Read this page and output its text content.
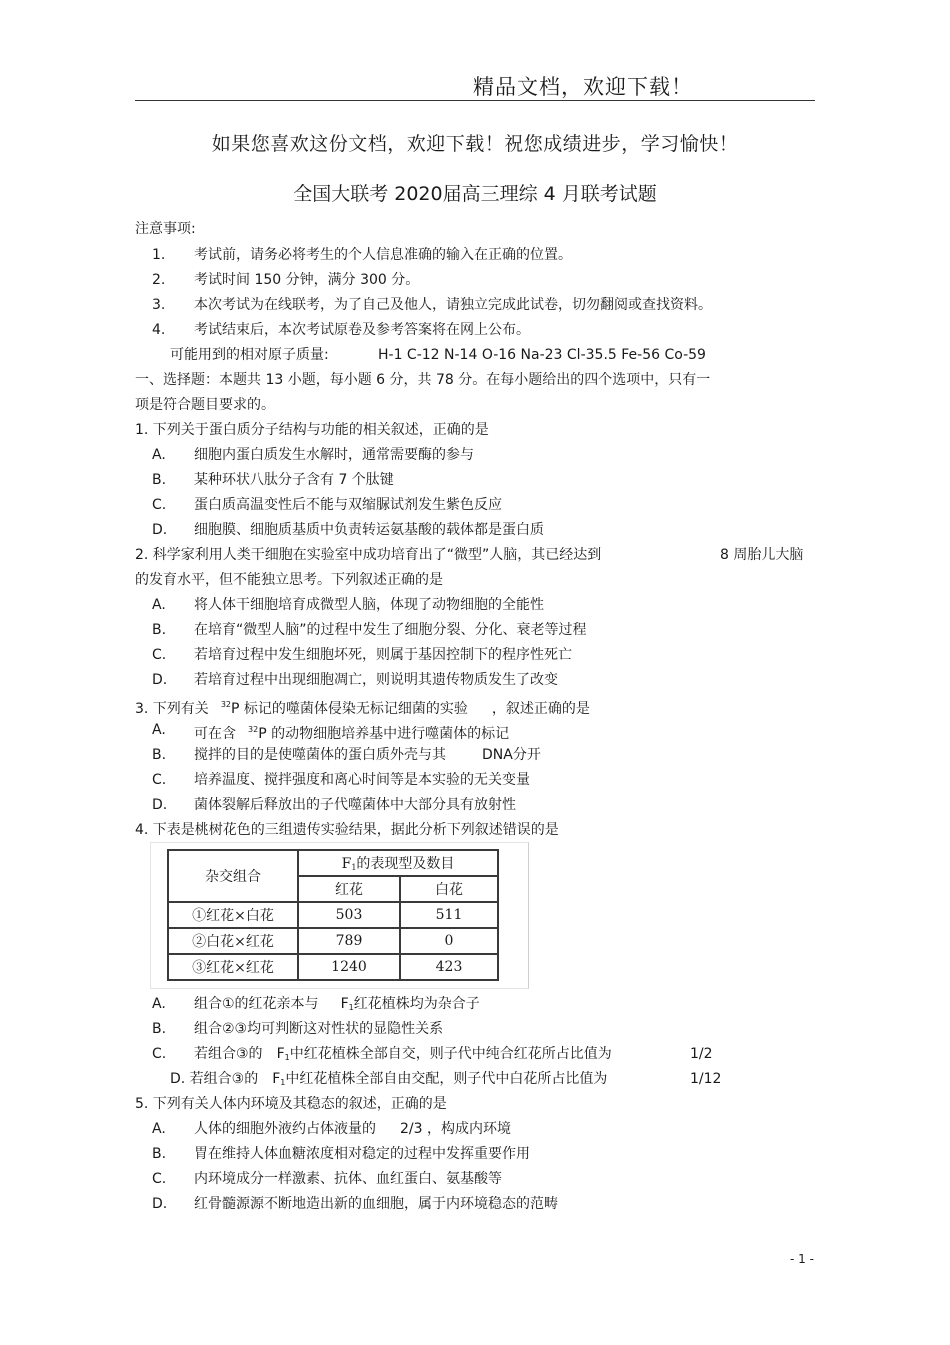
精品文档，欢迎下载！
如果您喜欢这份文档，欢迎下载！祝您成绩进步，学习愉快！
全国大联考 2020届高三理综 4 月联考试题
注意事项:
1. 考试前，请务必将考生的个人信息准确的输入在正确的位置。
2. 考试时间 150 分钟，满分 300 分。
3. 本次考试为在线联考，为了自己及他人，请独立完成此试卷，切勿翻阅或查找资料。
4. 考试结束后，本次考试原卷及参考答案将在网上公布。
可能用到的相对原子质量:	H-1 C-12 N-14 O-16 Na-23 Cl-35.5 Fe-56 Co-59
一、选择题：本题共 13 小题，每小题 6 分，共 78 分。在每小题给出的四个选项中，只有一
项是符合题目要求的。
1. 下列关于蛋白质分子结构与功能的相关叙述，正确的是
A. 细胞内蛋白质发生水解时，通常需要酶的参与
B. 某种环状八肽分子含有 7 个肽键
C. 蛋白质高温变性后不能与双缩脲试剂发生紫色反应
D. 细胞膜、细胞质基质中负责转运氨基酸的载体都是蛋白质
2. 科学家利用人类干细胞在实验室中成功培育出了“微型”人脑，其已经达到	8 周胎儿大脑
的发育水平，但不能独立思考。下列叙述正确的是
A. 将人体干细胞培育成微型人脑，体现了动物细胞的全能性
B. 在培育“微型人脑”的过程中发生了细胞分裂、分化、衰老等过程
C. 若培育过程中发生细胞坏死，则属于基因控制下的程序性死亡
D. 若培育过程中出现细胞凋亡，则说明其遗传物质发生了改变
3. 下列有关 $^{32}$P 标记的噬菌体侵染无标记细菌的实验 ，叙述正确的是
A. 可在含 $^{32}$P 的动物细胞培养基中进行噬菌体的标记
B. 搅拌的目的是使噬菌体的蛋白质外壳与其	DNA分开
C. 培养温度、搅拌强度和离心时间等是本实验的无关变量
D. 菌体裂解后释放出的子代噬菌体中大部分具有放射性
4. 下表是桃树花色的三组遗传实验结果，据此分析下列叙述错误的是
杂交组合	$F_1$的表现型及数目	
	红花	白花
①红花×白花	503	511
②白花×红花	789	0
③红花×红花	1240	423
A. 组合①的红花亲本与 $F_1$红花植株均为杂合子
B. 组合②③均可判断这对性状的显隐性关系
C. 若组合③的 $F_1$中红花植株全部自交，则子代中纯合红花所占比值为	1/2
D. 若组合③的 $F_1$中红花植株全部自由交配，则子代中白花所占比值为	1/12
5. 下列有关人体内环境及其稳态的叙述，正确的是
A. 人体的细胞外液约占体液量的 2/3 ，构成内环境
B. 胃在维持人体血糖浓度相对稳定的过程中发挥重要作用
C. 内环境成分一样激素、抗体、血红蛋白、氨基酸等
D. 红骨髓源源不断地造出新的血细胞，属于内环境稳态的范畴
- 1 -
